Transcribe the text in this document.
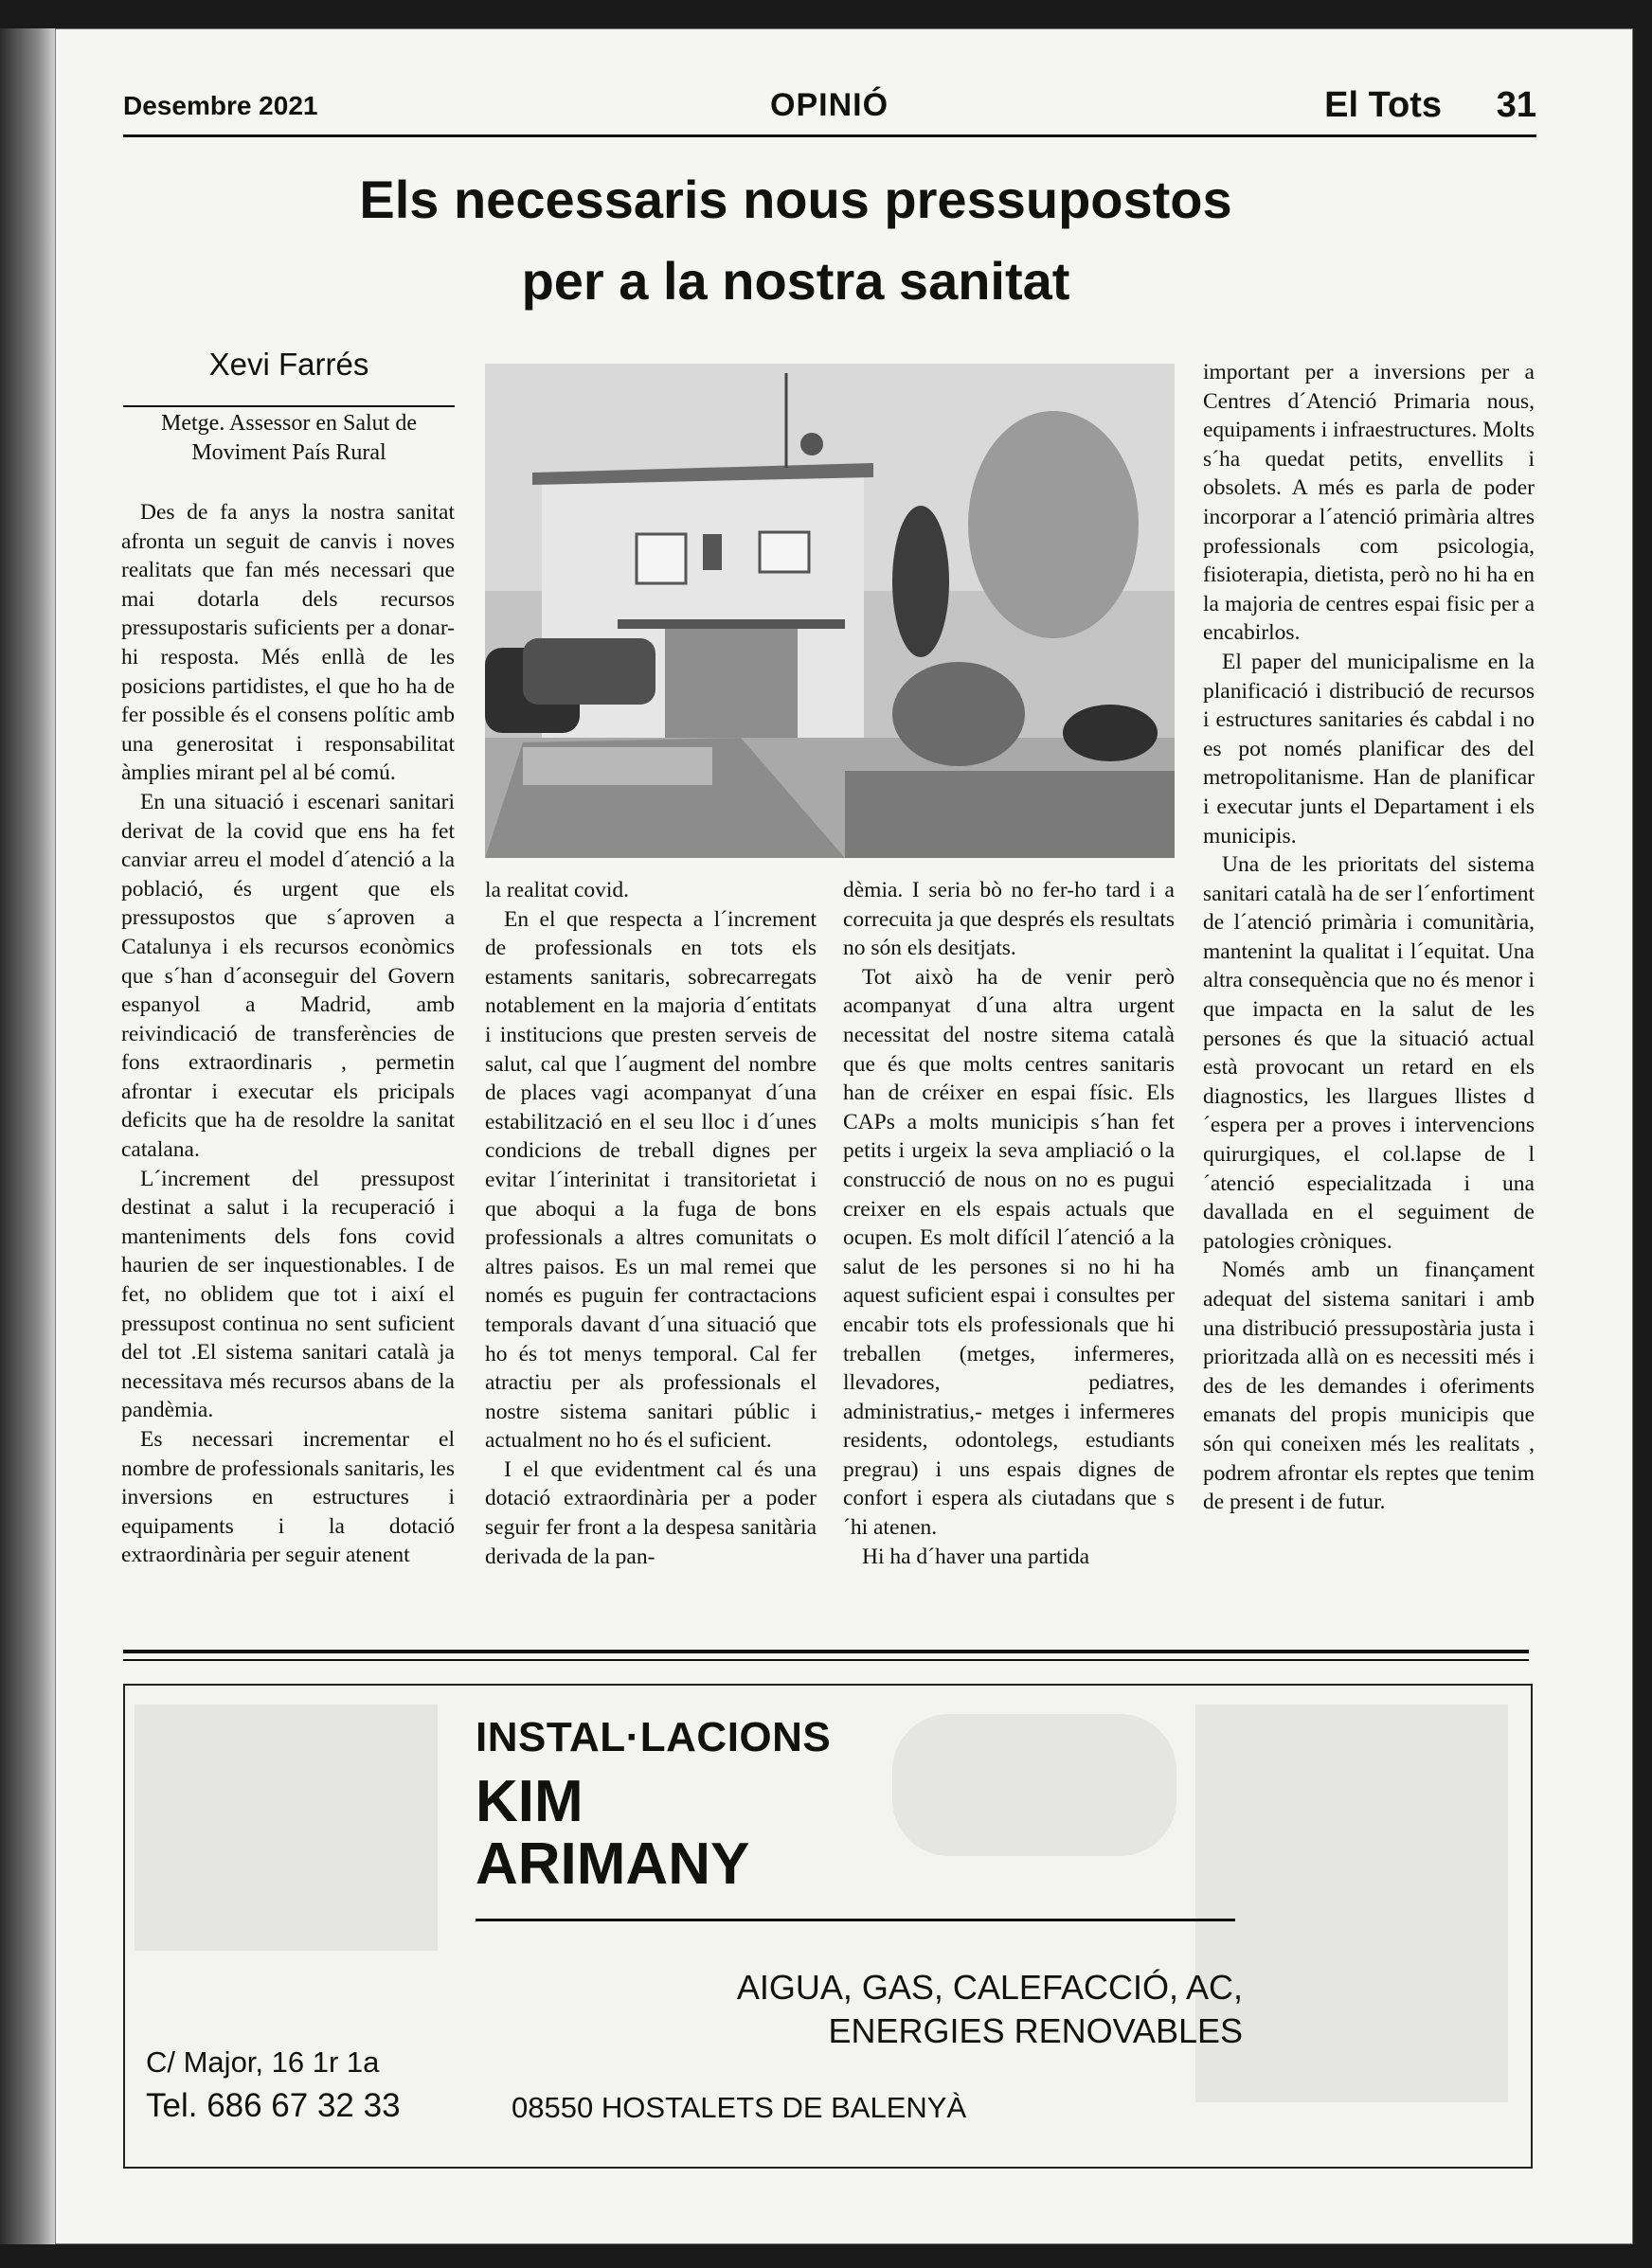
Desembre 2021	OPINIÓ	El Tots 31
Els necessaris nous pressupostos
per a la nostra sanitat
Xevi Farrés
Metge. Assessor en Salut de Moviment País Rural

Des de fa anys la nostra sanitat afronta un seguit de canvis i noves realitats que fan més necessari que mai dotarla dels recursos pressupostaris suficients per a donar-hi resposta. Més enllà de les posicions partidistes, el que ho ha de fer possible és el consens polític amb una generositat i responsabilitat àmplies mirant pel al bé comú.

En una situació i escenari sanitari derivat de la covid que ens ha fet canviar arreu el model d´atenció a la població, és urgent que els pressupostos que s´aproven a Catalunya i els recursos econòmics que s´han d´aconseguir del Govern espanyol a Madrid, amb reivindicació de transferències de fons extraordinaris , permetin afrontar i executar els pricipals deficits que ha de resoldre la sanitat catalana.

L´increment del pressupost destinat a salut i la recuperació i manteniments dels fons covid haurien de ser inquestionables. I de fet, no oblidem que tot i així el pressupost continua no sent suficient del tot .El sistema sanitari català ja necessitava més recursos abans de la pandèmia.

Es necessari incrementar el nombre de professionals sanitaris, les inversions en estructures i equipaments i la dotació extraordinària per seguir atenent

la realitat covid.

En el que respecta a l´increment de professionals en tots els estaments sanitaris, sobrecarregats notablement en la majoria d´entitats i institucions que presten serveis de salut, cal que l´augment del nombre de places vagi acompanyat d´una estabilització en el seu lloc i d´unes condicions de treball dignes per evitar l´interinitat i transitorietat i que aboqui a la fuga de bons professionals a altres comunitats o altres paisos. Es un mal remei que només es puguin fer contractacions temporals davant d´una situació que ho és tot menys temporal. Cal fer atractiu per als professionals el nostre sistema sanitari públic i actualment no ho és el suficient.

I el que evidentment cal és una dotació extraordinària per a poder seguir fer front a la despesa sanitària derivada de la pan-

dèmia. I seria bò no fer-ho tard i a correcuita ja que després els resultats no són els desitjats.

Tot això ha de venir però acompanyat d´una altra urgent necessitat del nostre sitema català que és que molts centres sanitaris han de créixer en espai físic. Els CAPs a molts municipis s´han fet petits i urgeix la seva ampliació o la construcció de nous on no es pugui creixer en els espais actuals que ocupen. Es molt difícil l´atenció a la salut de les persones si no hi ha aquest suficient espai i consultes per encabir tots els professionals que hi treballen (metges, infermeres, llevadores, pediatres, administratius,- metges i infermeres residents, odontolegs, estudiants pregrau) i uns espais dignes de confort i espera als ciutadans que s´hi atenen.

Hi ha d´haver una partida

important per a inversions per a Centres d´Atenció Primaria nous, equipaments i infraestructures. Molts s´ha quedat petits, envellits i obsolets. A més es parla de poder incorporar a l´atenció primària altres professionals com psicologia, fisioterapia, dietista, però no hi ha en la majoria de centres espai fisic per a encabirlos.

El paper del municipalisme en la planificació i distribució de recursos i estructures sanitaries és cabdal i no es pot només planificar des del metropolitanisme. Han de planificar i executar junts el Departament i els municipis.

Una de les prioritats del sistema sanitari català ha de ser l´enfortiment de l´atenció primària i comunitària, mantenint la qualitat i l´equitat. Una altra consequència que no és menor i que impacta en la salut de les persones és que la situació actual està provocant un retard en els diagnostics, les llargues llistes d´espera per a proves i intervencions quirurgiques, el col.lapse de l´atenció especialitzada i una davallada en el seguiment de patologies cròniques.

Només amb un finançament adequat del sistema sanitari i amb una distribució pressupostària justa i prioritzada allà on es necessiti més i des de les demandes i oferiments emanats del propis municipis que són qui coneixen més les realitats , podrem afrontar els reptes que tenim de present i de futur.

INSTAL·LACIONS
KIM
ARIMANY
AIGUA, GAS, CALEFACCIÓ, AC,
ENERGIES RENOVABLES
C/ Major, 16 1r 1a
Tel. 686 67 32 33	08550 HOSTALETS DE BALENYÀ
